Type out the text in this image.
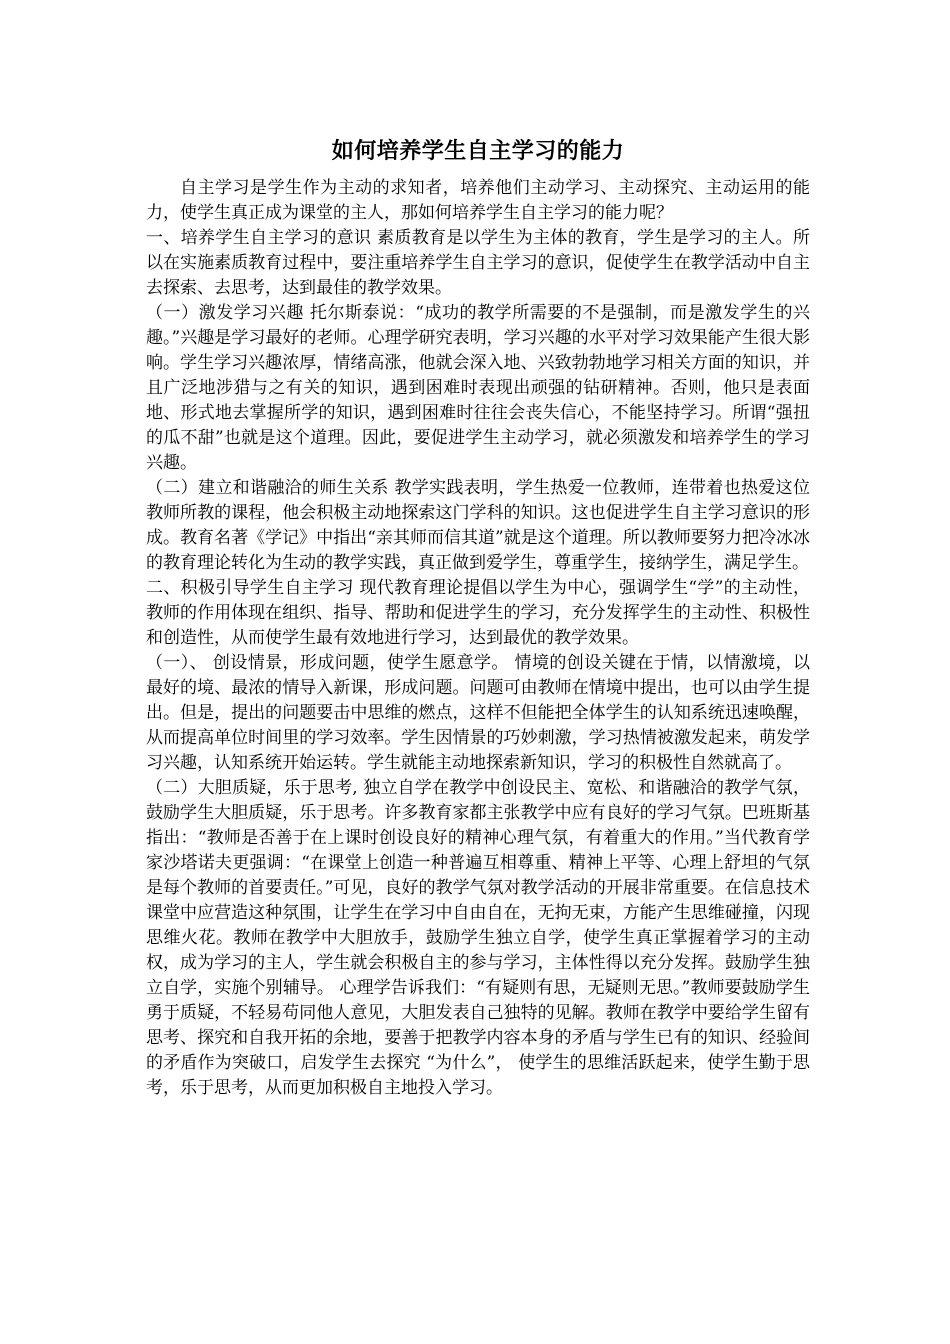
如何培养学生自主学习的能力

自主学习是学生作为主动的求知者，培养他们主动学习、主动探究、主动运用的能力，使学生真正成为课堂的主人，那如何培养学生自主学习的能力呢？

一、培养学生自主学习的意识 素质教育是以学生为主体的教育，学生是学习的主人。所以在实施素质教育过程中，要注重培养学生自主学习的意识，促使学生在教学活动中自主去探索、去思考，达到最佳的教学效果。

（一）激发学习兴趣 托尔斯泰说：“成功的教学所需要的不是强制，而是激发学生的兴趣。”兴趣是学习最好的老师。心理学研究表明，学习兴趣的水平对学习效果能产生很大影响。学生学习兴趣浓厚，情绪高涨，他就会深入地、兴致勃勃地学习相关方面的知识，并且广泛地涉猎与之有关的知识，遇到困难时表现出顽强的钻研精神。否则，他只是表面地、形式地去掌握所学的知识，遇到困难时往往会丧失信心，不能坚持学习。所谓“强扭的瓜不甜”也就是这个道理。因此，要促进学生主动学习，就必须激发和培养学生的学习兴趣。

（二）建立和谐融洽的师生关系 教学实践表明，学生热爱一位教师，连带着也热爱这位教师所教的课程，他会积极主动地探索这门学科的知识。这也促进学生自主学习意识的形成。教育名著《学记》中指出“亲其师而信其道”就是这个道理。所以教师要努力把冷冰冰的教育理论转化为生动的教学实践，真正做到爱学生，尊重学生，接纳学生，满足学生。

二、积极引导学生自主学习 现代教育理论提倡以学生为中心，强调学生“学”的主动性，教师的作用体现在组织、指导、帮助和促进学生的学习，充分发挥学生的主动性、积极性和创造性，从而使学生最有效地进行学习，达到最优的教学效果。

（一）、 创设情景，形成问题，使学生愿意学。 情境的创设关键在于情，以情激境，以最好的境、最浓的情导入新课，形成问题。问题可由教师在情境中提出，也可以由学生提出。但是，提出的问题要击中思维的燃点，这样不但能把全体学生的认知系统迅速唤醒，从而提高单位时间里的学习效率。学生因情景的巧妙刺激，学习热情被激发起来，萌发学习兴趣，认知系统开始运转。学生就能主动地探索新知识，学习的积极性自然就高了。

（二）大胆质疑，乐于思考, 独立自学在教学中创设民主、宽松、和谐融洽的教学气氛，鼓励学生大胆质疑，乐于思考。许多教育家都主张教学中应有良好的学习气氛。巴班斯基指出：“教师是否善于在上课时创设良好的精神心理气氛，有着重大的作用。”当代教育学家沙塔诺夫更强调：“在课堂上创造一种普遍互相尊重、精神上平等、心理上舒坦的气氛是每个教师的首要责任。”可见，良好的教学气氛对教学活动的开展非常重要。在信息技术课堂中应营造这种氛围，让学生在学习中自由自在，无拘无束，方能产生思维碰撞，闪现思维火花。教师在教学中大胆放手，鼓励学生独立自学，使学生真正掌握着学习的主动权，成为学习的主人，学生就会积极自主的参与学习，主体性得以充分发挥。鼓励学生独立自学，实施个别辅导。 心理学告诉我们：“有疑则有思，无疑则无思。”教师要鼓励学生勇于质疑，不轻易苟同他人意见，大胆发表自己独特的见解。教师在教学中要给学生留有思考、探究和自我开拓的余地，要善于把教学内容本身的矛盾与学生已有的知识、经验间的矛盾作为突破口，启发学生去探究 “为什么”， 使学生的思维活跃起来，使学生勤于思考，乐于思考，从而更加积极自主地投入学习。
